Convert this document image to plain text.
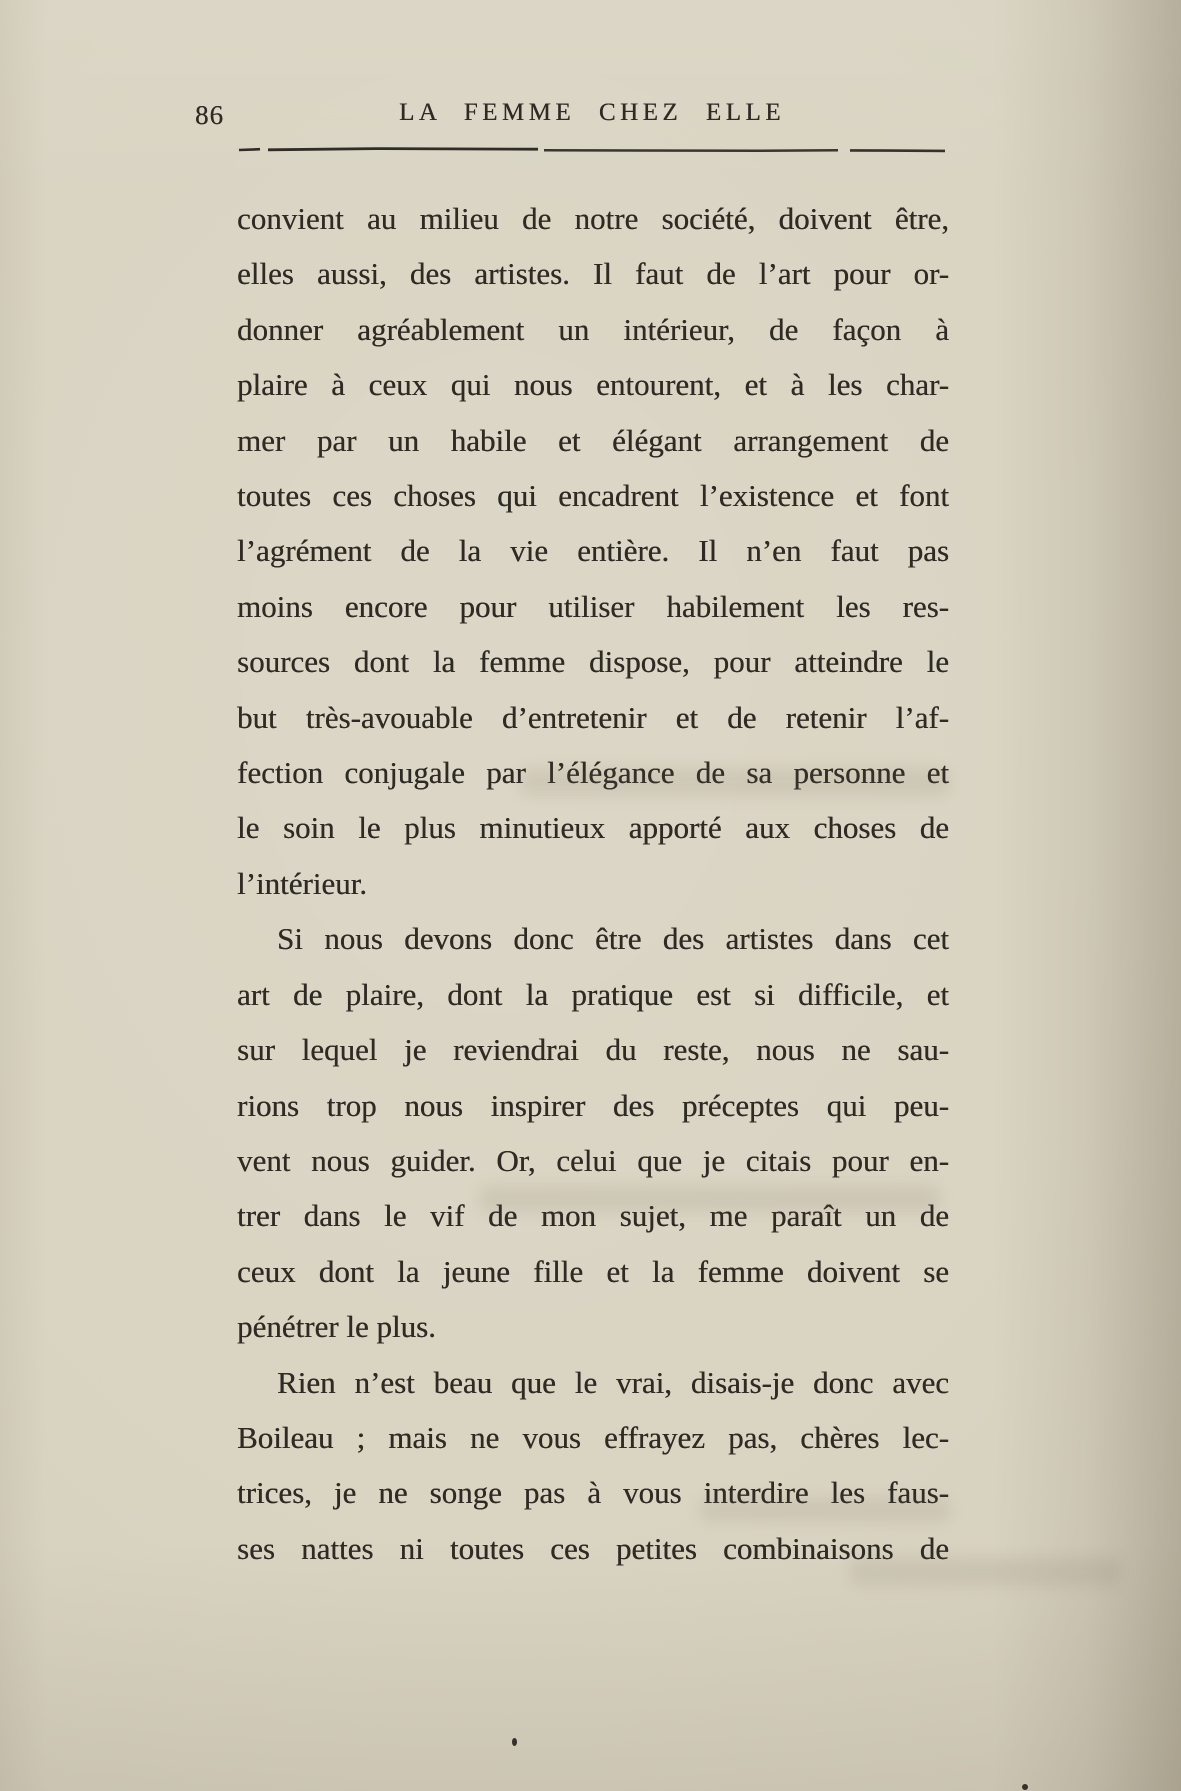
86	LA FEMME CHEZ ELLE
convient au milieu de notre société, doivent être,
elles aussi, des artistes. Il faut de l’art pour or-
donner agréablement un intérieur, de façon à
plaire à ceux qui nous entourent, et à les char-
mer par un habile et élégant arrangement de
toutes ces choses qui encadrent l’existence et font
l’agrément de la vie entière. Il n’en faut pas
moins encore pour utiliser habilement les res-
sources dont la femme dispose, pour atteindre le
but très-avouable d’entretenir et de retenir l’af-
fection conjugale par l’élégance de sa personne et
le soin le plus minutieux apporté aux choses de
l’intérieur.
Si nous devons donc être des artistes dans cet
art de plaire, dont la pratique est si difficile, et
sur lequel je reviendrai du reste, nous ne sau-
rions trop nous inspirer des préceptes qui peu-
vent nous guider. Or, celui que je citais pour en-
trer dans le vif de mon sujet, me paraît un de
ceux dont la jeune fille et la femme doivent se
pénétrer le plus.
Rien n’est beau que le vrai, disais-je donc avec
Boileau ; mais ne vous effrayez pas, chères lec-
trices, je ne songe pas à vous interdire les faus-
ses nattes ni toutes ces petites combinaisons de
